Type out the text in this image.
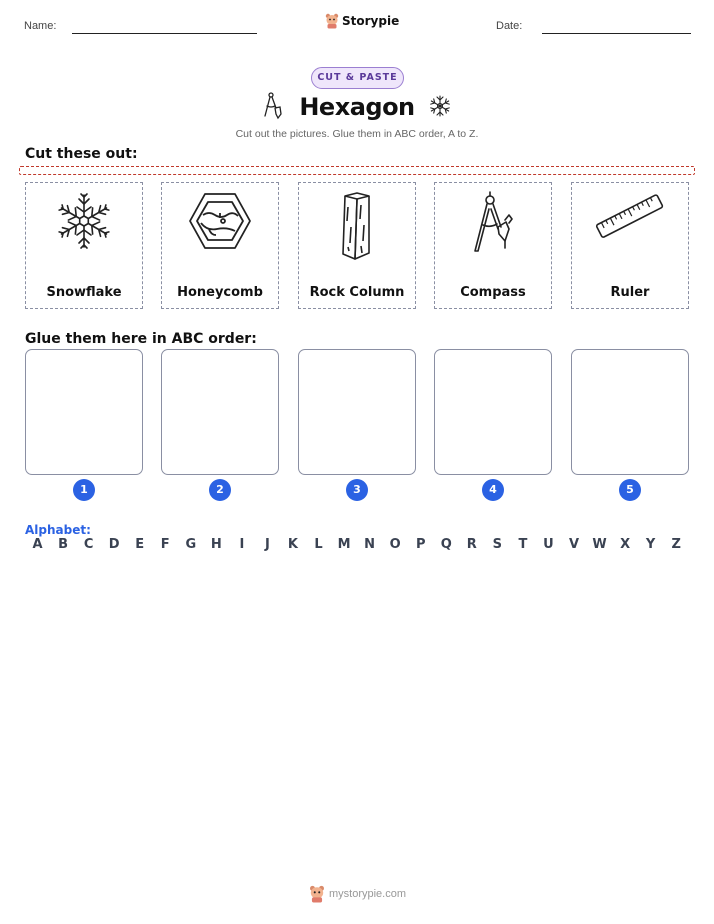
Name:	Storypie	Date:
CUT & PASTE
Hexagon
Cut out the pictures. Glue them in ABC order, A to Z.
Cut these out:
Snowflake	Honeycomb	Rock Column	Compass	Ruler
Glue them here in ABC order:
1	2	3	4	5
Alphabet:
A	B	C	D	E	F	G	H	I	J	K	L	M	N	O	P	Q	R	S	T	U	V	W	X	Y	Z
mystorypie.com
